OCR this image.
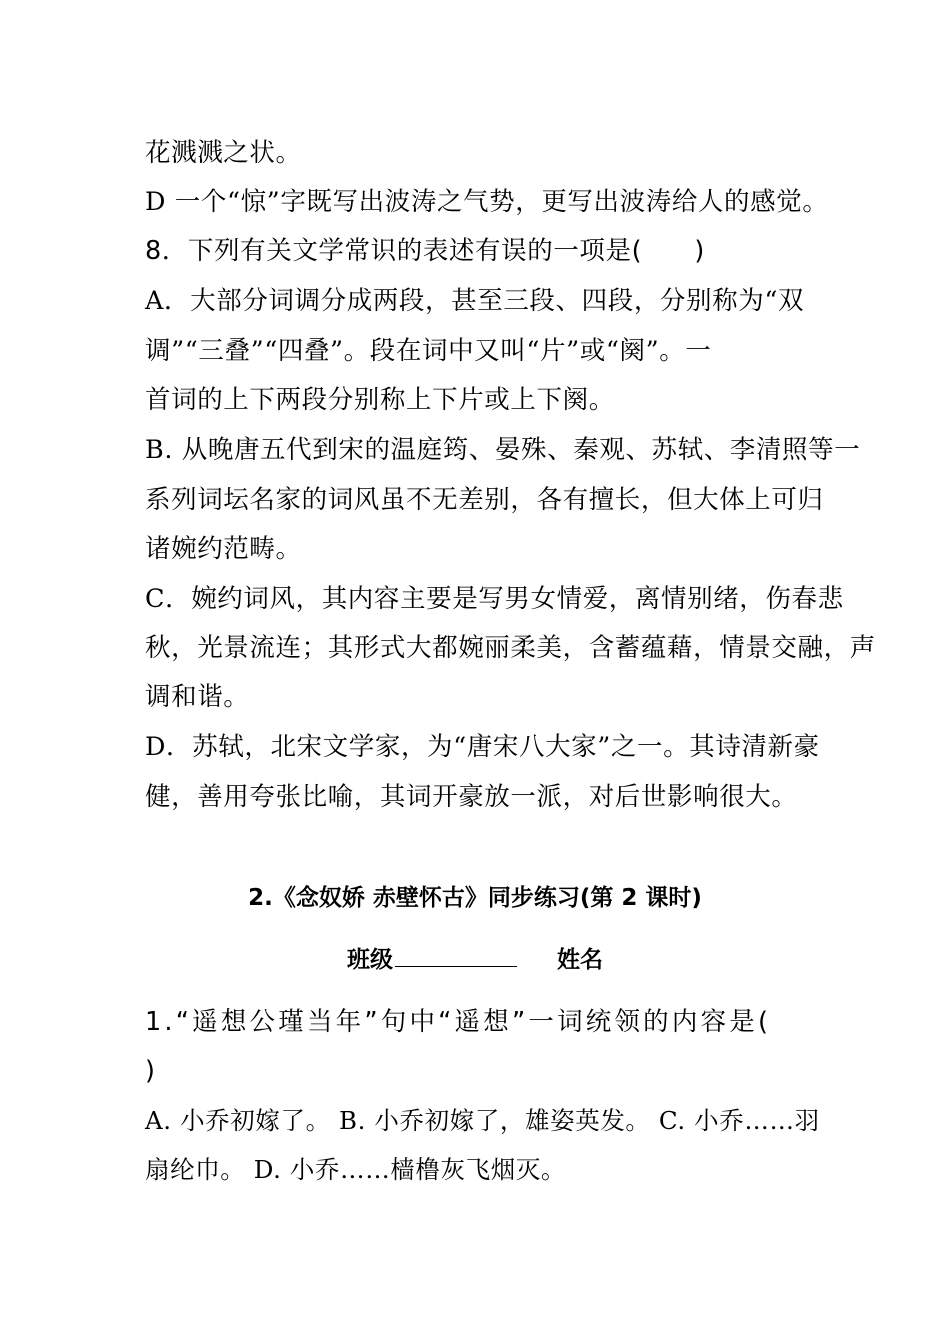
花溅溅之状。
D 一个“惊”字既写出波涛之气势，更写出波涛给人的感觉。
8．下列有关文学常识的表述有误的一项是(　　)
A．大部分词调分成两段，甚至三段、四段，分别称为“双
调”“三叠”“四叠”。段在词中又叫“片”或“阕”。一
首词的上下两段分别称上下片或上下阕。
B. 从晚唐五代到宋的温庭筠、晏殊、秦观、苏轼、李清照等一
系列词坛名家的词风虽不无差别，各有擅长，但大体上可归
诸婉约范畴。
C．婉约词风，其内容主要是写男女情爱，离情别绪，伤春悲
秋，光景流连；其形式大都婉丽柔美，含蓄蕴藉，情景交融，声
调和谐。
D．苏轼，北宋文学家，为“唐宋八大家”之一。其诗清新豪
健，善用夸张比喻，其词开豪放一派，对后世影响很大。
2.《念奴娇 赤壁怀古》同步练习(第 2 课时)
班级	姓名
1.“遥想公瑾当年”句中“遥想”一词统领的内容是(
)
A. 小乔初嫁了。 B. 小乔初嫁了，雄姿英发。 C. 小乔……羽
扇纶巾。 D. 小乔……樯橹灰飞烟灭。
